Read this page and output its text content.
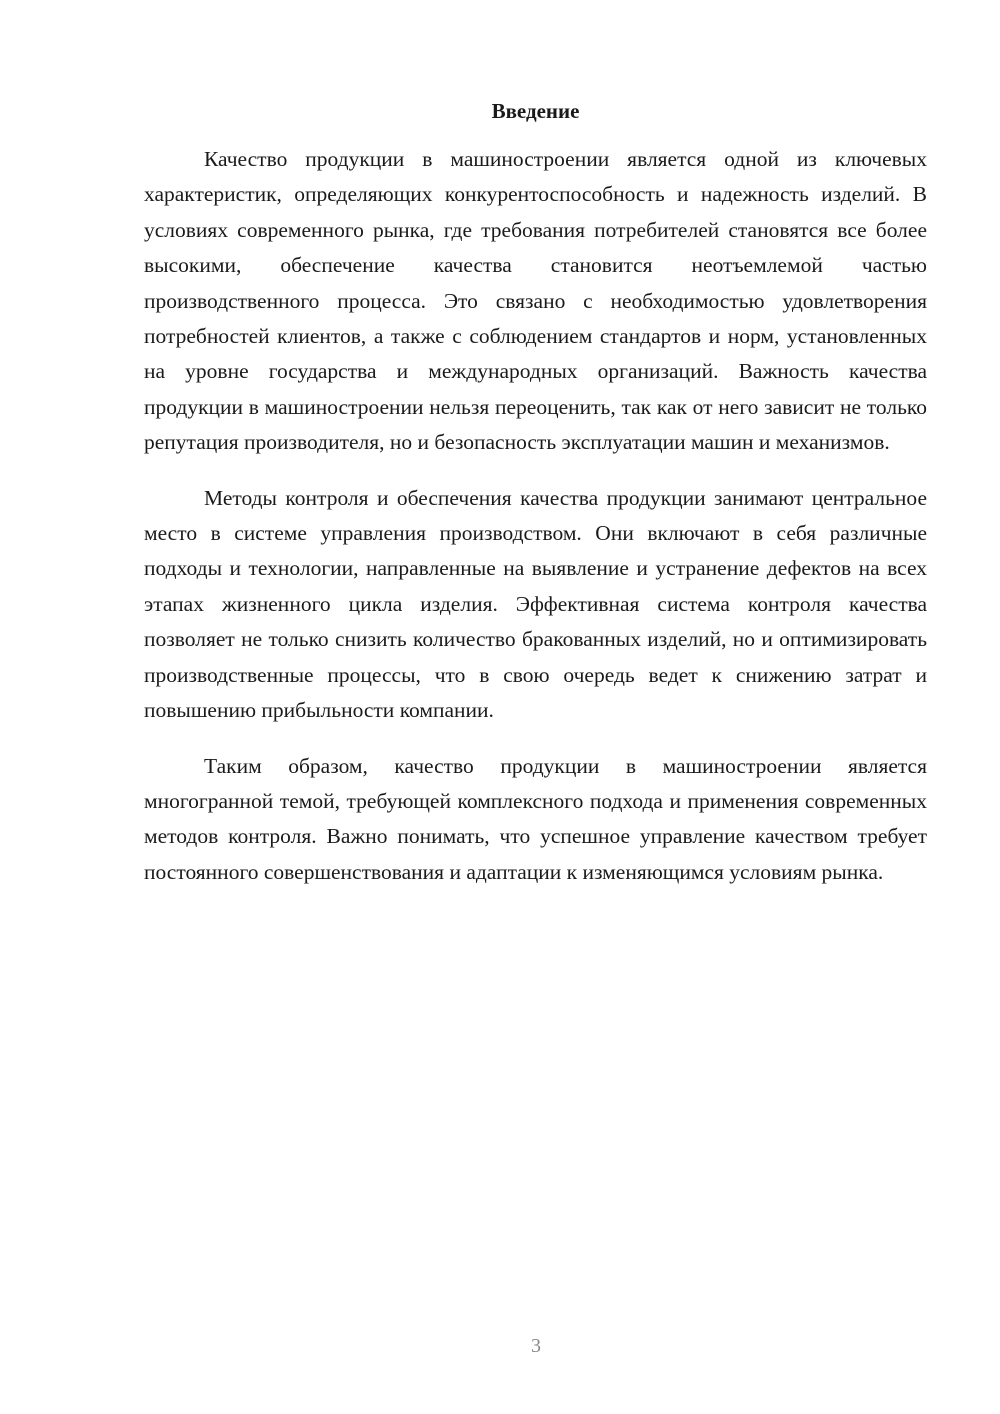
Введение

Качество продукции в машиностроении является одной из ключевых характеристик, определяющих конкурентоспособность и надежность изделий. В условиях современного рынка, где требования потребителей становятся все более высокими, обеспечение качества становится неотъемлемой частью производственного процесса. Это связано с необходимостью удовлетворения потребностей клиентов, а также с соблюдением стандартов и норм, установленных на уровне государства и международных организаций. Важность качества продукции в машиностроении нельзя переоценить, так как от него зависит не только репутация производителя, но и безопасность эксплуатации машин и механизмов.

Методы контроля и обеспечения качества продукции занимают центральное место в системе управления производством. Они включают в себя различные подходы и технологии, направленные на выявление и устранение дефектов на всех этапах жизненного цикла изделия. Эффективная система контроля качества позволяет не только снизить количество бракованных изделий, но и оптимизировать производственные процессы, что в свою очередь ведет к снижению затрат и повышению прибыльности компании.

Таким образом, качество продукции в машиностроении является многогранной темой, требующей комплексного подхода и применения современных методов контроля. Важно понимать, что успешное управление качеством требует постоянного совершенствования и адаптации к изменяющимся условиям рынка.

3
